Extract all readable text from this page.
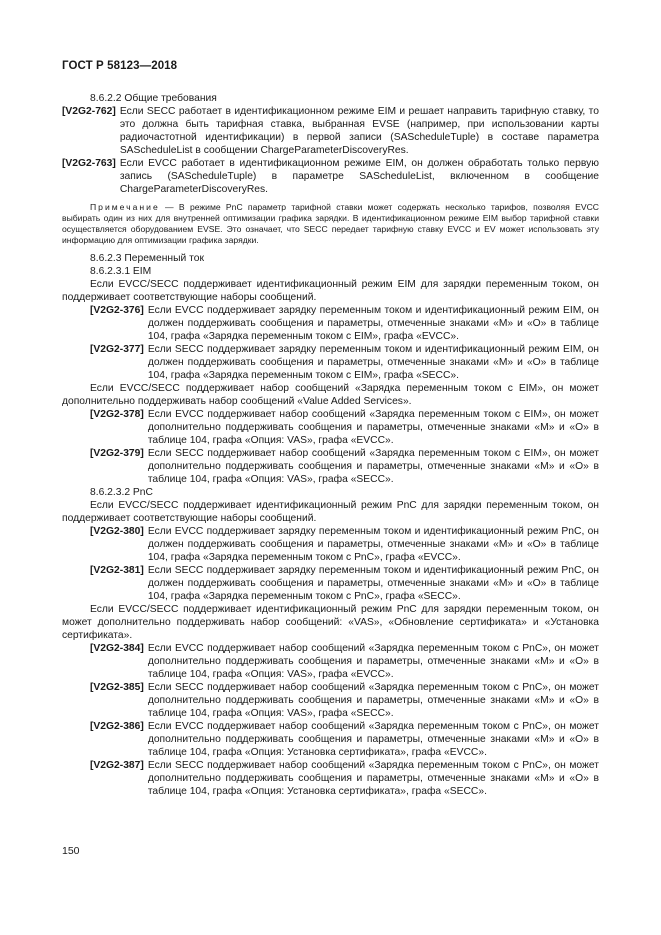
ГОСТ Р 58123—2018
8.6.2.2 Общие требования
[V2G2-762] Если SECC работает в идентификационном режиме EIM и решает направить тарифную ставку, то это должна быть тарифная ставка, выбранная EVSE (например, при использовании карты радиочастотной идентификации) в первой записи (SAScheduleTuple) в составе параметра SAScheduleList в сообщении ChargeParameterDiscoveryRes.
[V2G2-763] Если EVCC работает в идентификационном режиме EIM, он должен обработать только первую запись (SAScheduleTuple) в параметре SAScheduleList, включенном в сообщение ChargeParameterDiscoveryRes.
Примечание — В режиме PnC параметр тарифной ставки может содержать несколько тарифов, позволяя EVCC выбирать один из них для внутренней оптимизации графика зарядки. В идентификационном режиме EIM выбор тарифной ставки осуществляется оборудованием EVSE. Это означает, что SECC передает тарифную ставку EVCC и EV может использовать эту информацию для оптимизации графика зарядки.
8.6.2.3 Переменный ток
8.6.2.3.1 EIM
Если EVCC/SECC поддерживает идентификационный режим EIM для зарядки переменным током, он поддерживает соответствующие наборы сообщений.
[V2G2-376] Если EVCC поддерживает зарядку переменным током и идентификационный режим EIM, он должен поддерживать сообщения и параметры, отмеченные знаками «M» и «O» в таблице 104, графа «Зарядка переменным током с EIM», графа «EVCC».
[V2G2-377] Если SECC поддерживает зарядку переменным током и идентификационный режим EIM, он должен поддерживать сообщения и параметры, отмеченные знаками «M» и «O» в таблице 104, графа «Зарядка переменным током с EIM», графа «SECC».
Если EVCC/SECC поддерживает набор сообщений «Зарядка переменным током с EIM», он может дополнительно поддерживать набор сообщений «Value Added Services».
[V2G2-378] Если EVCC поддерживает набор сообщений «Зарядка переменным током с EIM», он может дополнительно поддерживать сообщения и параметры, отмеченные знаками «M» и «O» в таблице 104, графа «Опция: VAS», графа «EVCC».
[V2G2-379] Если SECC поддерживает набор сообщений «Зарядка переменным током с EIM», он может дополнительно поддерживать сообщения и параметры, отмеченные знаками «M» и «O» в таблице 104, графа «Опция: VAS», графа «SECC».
8.6.2.3.2 PnC
Если EVCC/SECC поддерживает идентификационный режим PnC для зарядки переменным током, он поддерживает соответствующие наборы сообщений.
[V2G2-380] Если EVCC поддерживает зарядку переменным током и идентификационный режим PnC, он должен поддерживать сообщения и параметры, отмеченные знаками «M» и «O» в таблице 104, графа «Зарядка переменным током с PnC», графа «EVCC».
[V2G2-381] Если SECC поддерживает зарядку переменным током и идентификационный режим PnC, он должен поддерживать сообщения и параметры, отмеченные знаками «M» и «O» в таблице 104, графа «Зарядка переменным током с PnC», графа «SECC».
Если EVCC/SECC поддерживает идентификационный режим PnC для зарядки переменным током, он может дополнительно поддерживать набор сообщений: «VAS», «Обновление сертификата» и «Установка сертификата».
[V2G2-384] Если EVCC поддерживает набор сообщений «Зарядка переменным током с PnC», он может дополнительно поддерживать сообщения и параметры, отмеченные знаками «M» и «O» в таблице 104, графа «Опция: VAS», графа «EVCC».
[V2G2-385] Если SECC поддерживает набор сообщений «Зарядка переменным током с PnC», он может дополнительно поддерживать сообщения и параметры, отмеченные знаками «M» и «O» в таблице 104, графа «Опция: VAS», графа «SECC».
[V2G2-386] Если EVCC поддерживает набор сообщений «Зарядка переменным током с PnC», он может дополнительно поддерживать сообщения и параметры, отмеченные знаками «M» и «O» в таблице 104, графа «Опция: Установка сертификата», графа «EVCC».
[V2G2-387] Если SECC поддерживает набор сообщений «Зарядка переменным током с PnC», он может дополнительно поддерживать сообщения и параметры, отмеченные знаками «M» и «O» в таблице 104, графа «Опция: Установка сертификата», графа «SECC».
150
